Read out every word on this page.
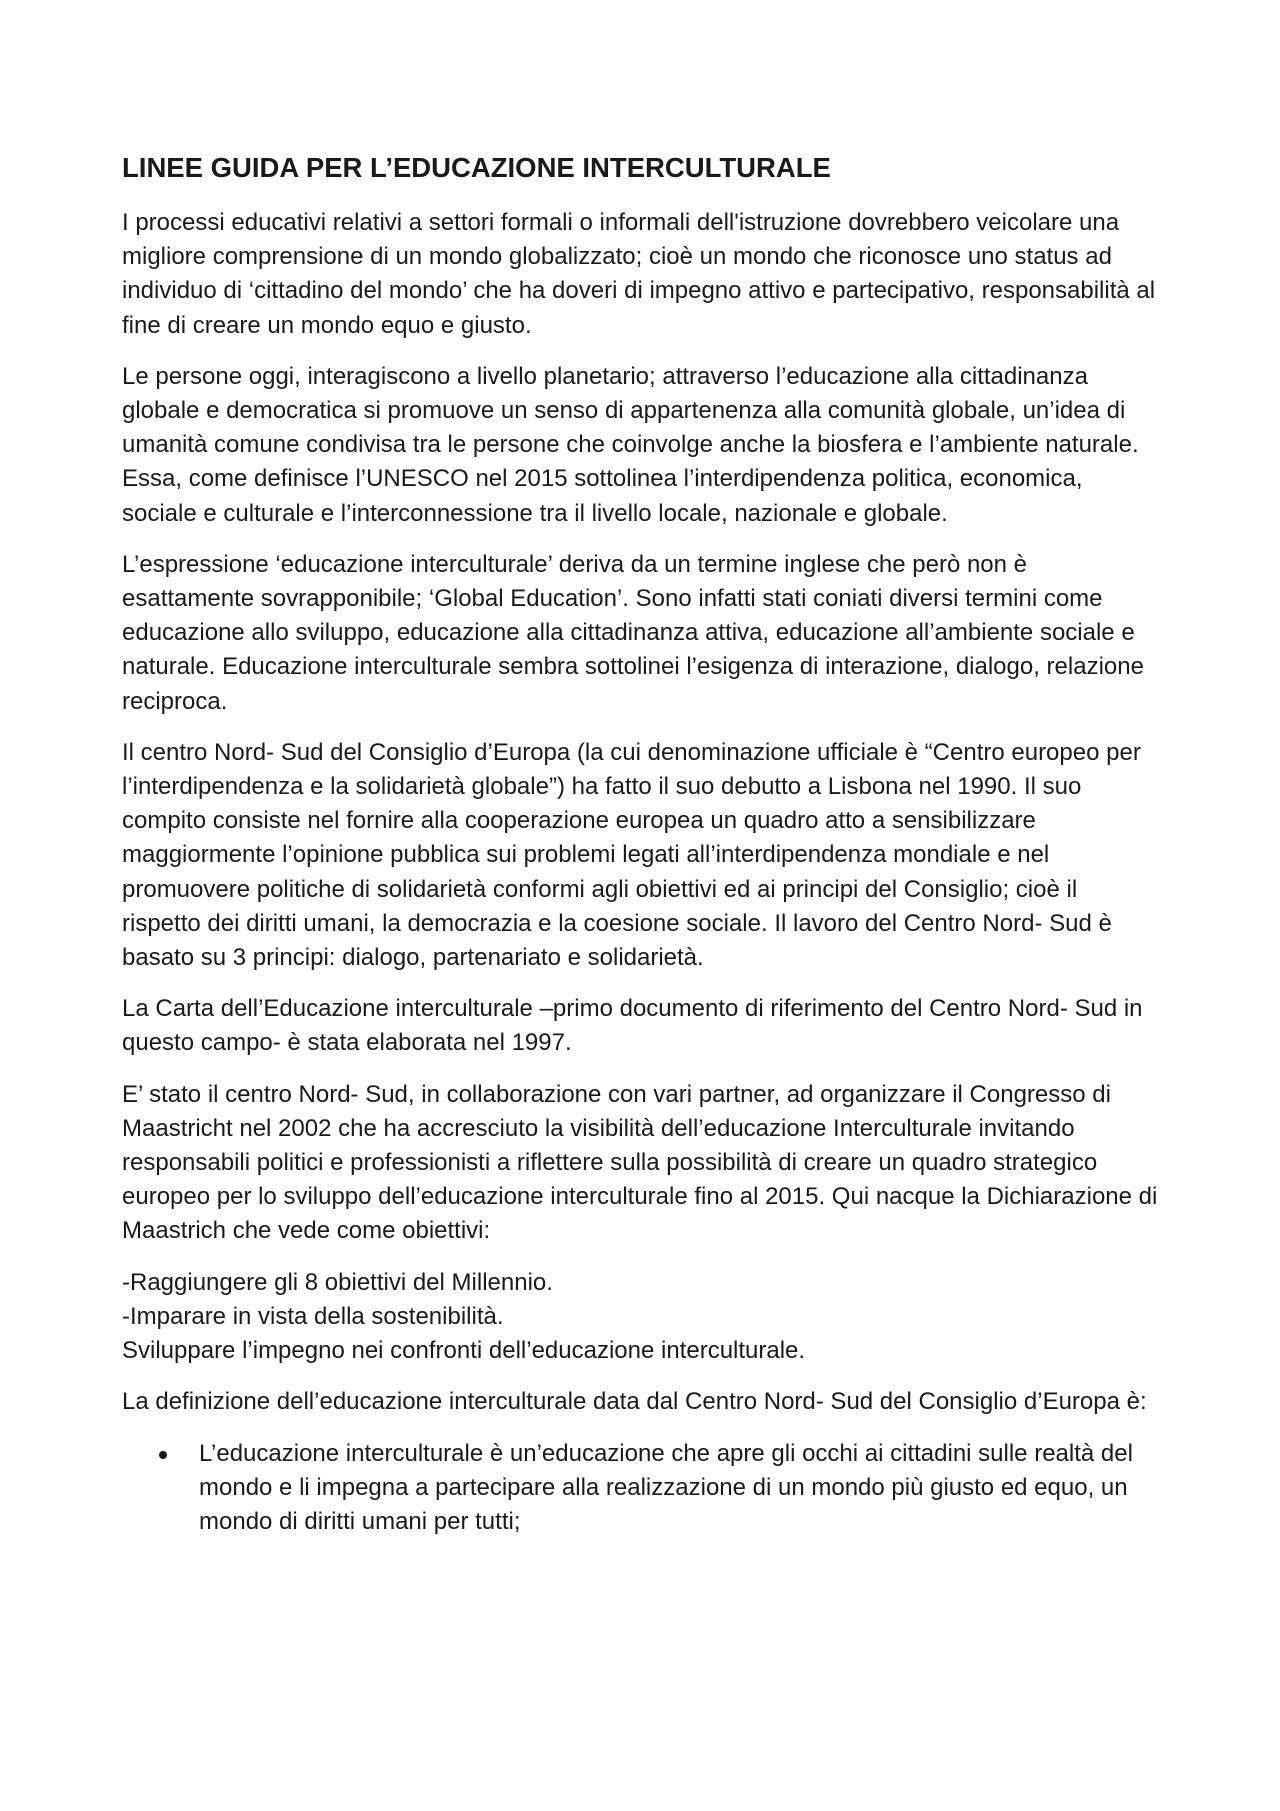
LINEE GUIDA PER L’EDUCAZIONE INTERCULTURALE

I processi educativi relativi a settori formali o informali dell'istruzione dovrebbero veicolare una migliore comprensione di un mondo globalizzato; cioè un mondo che riconosce uno status ad individuo di ‘cittadino del mondo’ che ha doveri di impegno attivo e partecipativo, responsabilità al fine di creare un mondo equo e giusto.

Le persone oggi, interagiscono a livello planetario; attraverso l’educazione alla cittadinanza globale e democratica si promuove un senso di appartenenza alla comunità globale, un’idea di umanità comune condivisa tra le persone che coinvolge anche la biosfera e l’ambiente naturale. Essa, come definisce l’UNESCO nel 2015 sottolinea l’interdipendenza politica, economica, sociale e culturale e l’interconnessione tra il livello locale, nazionale e globale.

L’espressione ‘educazione interculturale’ deriva da un termine inglese che però non è esattamente sovrapponibile; ‘Global Education’. Sono infatti stati coniati diversi termini come educazione allo sviluppo, educazione alla cittadinanza attiva, educazione all’ambiente sociale e naturale. Educazione interculturale sembra sottolinei l’esigenza di interazione, dialogo, relazione reciproca.

Il centro Nord- Sud del Consiglio d’Europa (la cui denominazione ufficiale è “Centro europeo per l’interdipendenza e la solidarietà globale”) ha fatto il suo debutto a Lisbona nel 1990. Il suo compito consiste nel fornire alla cooperazione europea un quadro atto a sensibilizzare maggiormente l’opinione pubblica sui problemi legati all’interdipendenza mondiale e nel promuovere politiche di solidarietà conformi agli obiettivi ed ai principi del Consiglio; cioè il rispetto dei diritti umani, la democrazia e la coesione sociale. Il lavoro del Centro Nord- Sud è basato su 3 principi: dialogo, partenariato e solidarietà.

La Carta dell’Educazione interculturale –primo documento di riferimento del Centro Nord- Sud in questo campo- è stata elaborata nel 1997.

E’ stato il centro Nord- Sud, in collaborazione con vari partner, ad organizzare il Congresso di Maastricht nel 2002 che ha accresciuto la visibilità dell’educazione Interculturale invitando responsabili politici e professionisti a riflettere sulla possibilità di creare un quadro strategico europeo per lo sviluppo dell’educazione interculturale fino al 2015. Qui nacque la Dichiarazione di Maastrich che vede come obiettivi:

-Raggiungere gli 8 obiettivi del Millennio.
-Imparare in vista della sostenibilità.
Sviluppare l’impegno nei confronti dell’educazione interculturale.

La definizione dell’educazione interculturale data dal Centro Nord- Sud del Consiglio d’Europa è:

L’educazione interculturale è un’educazione che apre gli occhi ai cittadini sulle realtà del mondo e li impegna a partecipare alla realizzazione di un mondo più giusto ed equo, un mondo di diritti umani per tutti;
